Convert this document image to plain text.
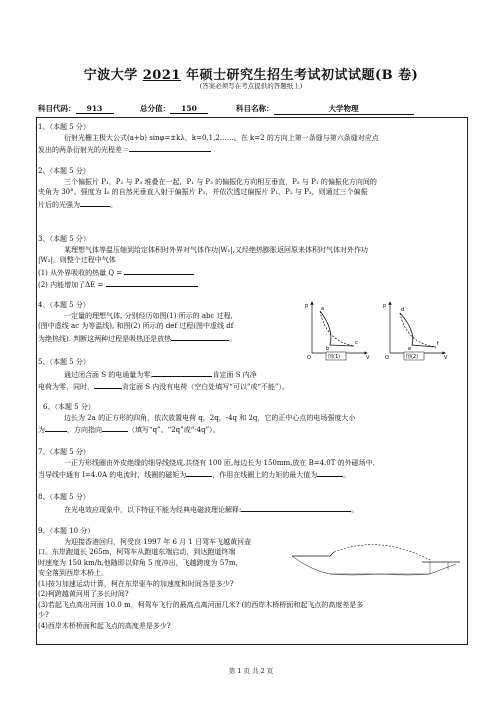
宁波大学 2021 年硕士研究生招生考试初试试题(B 卷)
(答案必须写在考点提供的答题纸上)
科目代码： 913	总分值： 150	科目名称：	大学物理

1、（本题 5 分）

衍射光栅主极大公式(a+b) sinφ=±kλ，k=0,1,2……。在 k=2 的方向上第一条缝与第六条缝对应点

发出的两条衍射光的光程差＝

2、（本题 5 分）

三个偏振片 P₁，P₂ 与 P₃ 堆叠在一起，P₁ 与 P₃ 的偏振化方向相互垂直，P₂ 与 P₁ 的偏振化方向间的

夹角为 30°。强度为 I₀ 的自然光垂直入射于偏振片 P₁，并依次透过偏振片 P₁、P₂ 与 P₃，则通过三个偏振

片后的光强为	。

3、（本题 5 分）

某理想气体等温压缩到给定体积时外界对气体作功|W₁|,又经绝热膨胀返回原来体积时气体对外作功

|W₂|，则整个过程中气体

(1) 从外界吸收的热量 Q =

(2) 内能增加了ΔE =

4、（本题 5 分）

一定量的理想气体, 分别经历如图(1) 所示的 abc 过程,

(图中虚线 ac 为等温线), 和图(2) 所示的 def 过程(图中虚线 df

为绝热线). 判断这两种过程是吸热还是放热	。

p
V
O
a
b
c
图(1)
p
V
O
d
e
f
图(2)

5、（本题 5 分）

通过闭合面 S 的电通量为零,	肯定面 S 内净

电荷为零，同时，	肯定面 S 内没有电荷（空白处填写“可以”或“不能”）。

6、（本题 5 分）

边长为 2a 的正方形的四角，依次放置电荷 q，2q，-4q 和 2q，它的正中心点的电场强度大小

为	，方向指向	（填写“q”、“2q”或“-4q”）。

7、（本题 5 分）

一正方形线圈由外皮绝缘的细导线绕成,共绕有 100 匝,每边长为 150mm,放在 B=4.0T 的外磁场中,

当导线中通有 I=4.0A 的电流时，线圈的磁矩为	，作用在线圈上的力矩的最大值为	。

8、（本题 5 分）

在光电效应现象中，以下特征不能为经典电磁波理论解释:	。

9、（本题 10 分）

为迎接香港回归，柯受良 1997 年 6 月 1 日驾车飞越黄河壶

口。东岸跑道长 265m，柯驾车从跑道东端启动，到达跑道终端

时速度为 150 km/h,他随即以仰角 5 度冲出，飞越跨度为 57m，

安全落到西岸木桥上。

(1)按匀加速运动计算，柯在东岸驱车的加速度和时间各是多少?

(2)柯跨越黄河用了多长时间?

(3)若起飞点高出河面 10.0 m，柯驾车飞行的最高点离河面几米? (的西岸木桥桥面和起飞点的高度差是多

少?

(4)西岸木桥桥面和起飞点的高度差是多少?

第 1 页 共 2 页
